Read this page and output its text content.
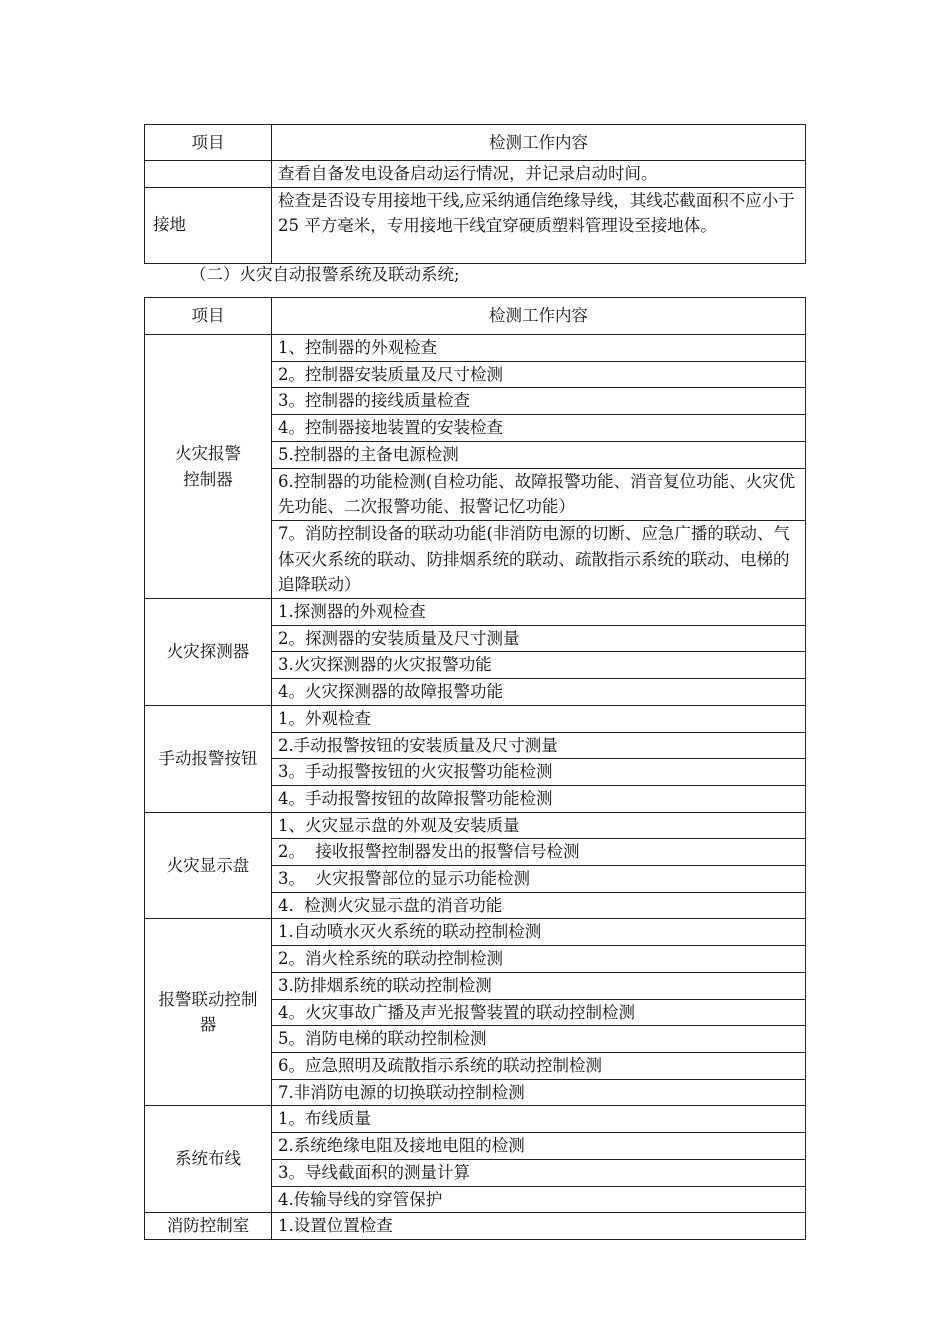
项目	检测工作内容
	查看自备发电设备启动运行情况，并记录启动时间。
接地	检查是否设专用接地干线,应采纳通信绝缘导线，其线芯截面积不应小于 25 平方毫米，专用接地干线宜穿硬质塑料管理设至接地体。
（二）火灾自动报警系统及联动系统;
项目	检测工作内容
火灾报警控制器	1、控制器的外观检查
	2。控制器安装质量及尺寸检测
	3。控制器的接线质量检查
	4。控制器接地装置的安装检查
	5.控制器的主备电源检测
	6.控制器的功能检测(自检功能、故障报警功能、消音复位功能、火灾优先功能、二次报警功能、报警记忆功能）
	7。消防控制设备的联动功能(非消防电源的切断、应急广播的联动、气体灭火系统的联动、防排烟系统的联动、疏散指示系统的联动、电梯的追降联动）
火灾探测器	1.探测器的外观检查
	2。探测器的安装质量及尺寸测量
	3.火灾探测器的火灾报警功能
	4。火灾探测器的故障报警功能
手动报警按钮	1。外观检查
	2.手动报警按钮的安装质量及尺寸测量
	3。手动报警按钮的火灾报警功能检测
	4。手动报警按钮的故障报警功能检测
火灾显示盘	1、火灾显示盘的外观及安装质量
	2。  接收报警控制器发出的报警信号检测
	3。  火灾报警部位的显示功能检测
	4.  检测火灾显示盘的消音功能
报警联动控制器	1.自动喷水灭火系统的联动控制检测
	2。消火栓系统的联动控制检测
	3.防排烟系统的联动控制检测
	4。火灾事故广播及声光报警装置的联动控制检测
	5。消防电梯的联动控制检测
	6。应急照明及疏散指示系统的联动控制检测
	7.非消防电源的切换联动控制检测
系统布线	1。布线质量
	2.系统绝缘电阻及接地电阻的检测
	3。导线截面积的测量计算
	4.传输导线的穿管保护
消防控制室	1.设置位置检查
